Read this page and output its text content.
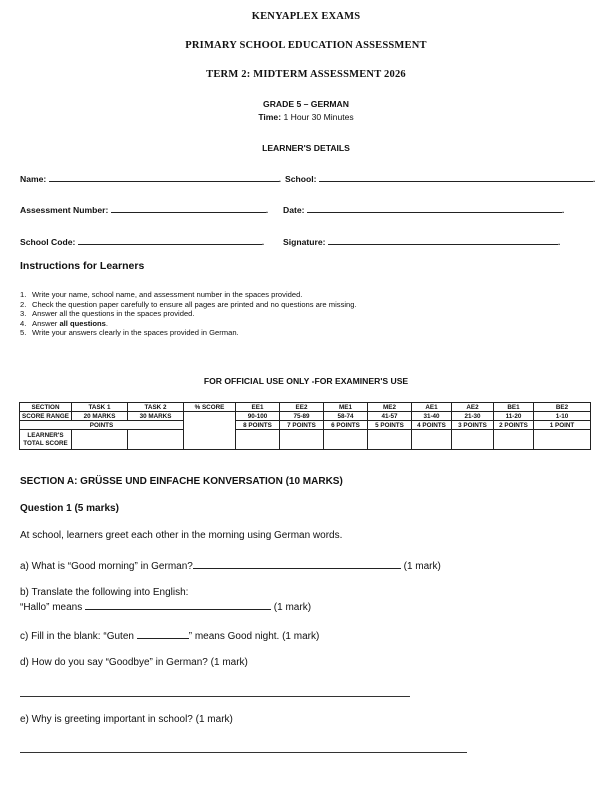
KENYAPLEX EXAMS
PRIMARY SCHOOL EDUCATION ASSESSMENT
TERM 2: MIDTERM ASSESSMENT 2026
GRADE 5 – GERMAN
Time: 1 Hour 30 Minutes
LEARNER'S DETAILS
Name:	. School:	.
Assessment Number:	. Date:	.
School Code:	. Signature:	.
Instructions for Learners
1. Write your name, school name, and assessment number in the spaces provided.
2. Check the question paper carefully to ensure all pages are printed and no questions are missing.
3. Answer all the questions in the spaces provided.
4. Answer all questions.
5. Write your answers clearly in the spaces provided in German.
FOR OFFICIAL USE ONLY -FOR EXAMINER'S USE
SECTION	TASK 1	TASK 2	% SCORE	EE1	EE2	ME1	ME2	AE1	AE2	BE1	BE2
SCORE RANGE	20 MARKS	30 MARKS		90-100	75-89	58-74	41-57	31-40	21-30	11-20	1-10
POINTS				8 POINTS	7 POINTS	6 POINTS	5 POINTS	4 POINTS	3 POINTS	2 POINTS	1 POINT
LEARNER'S
TOTAL SCORE											
SECTION A: GRÜSSE UND EINFACHE KONVERSATION (10 MARKS)
Question 1 (5 marks)
At school, learners greet each other in the morning using German words.
a) What is “Good morning” in German?	(1 mark)
b) Translate the following into English:
“Hallo” means	(1 mark)
c) Fill in the blank: “Guten	” means Good night. (1 mark)
d) How do you say “Goodbye” in German? (1 mark)
e) Why is greeting important in school? (1 mark)
